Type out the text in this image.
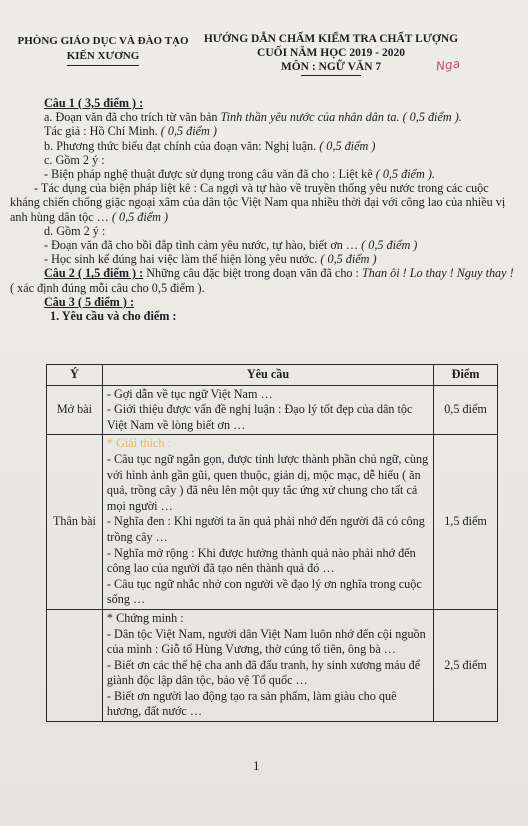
PHÒNG GIÁO DỤC VÀ ĐÀO TẠO
KIẾN XƯƠNG
HƯỚNG DẪN CHẤM KIỂM TRA CHẤT LƯỢNG
CUỐI NĂM HỌC 2019 - 2020
MÔN : NGỮ VĂN 7	Nga

Câu 1 ( 3,5 điểm ) :

a. Đoạn văn đã cho trích từ văn bản Tinh thần yêu nước của nhân dân ta. ( 0,5 điểm ).

Tác giả : Hồ Chí Minh. ( 0,5 điểm )

b. Phương thức biểu đạt chính của đoạn văn: Nghị luận. ( 0,5 điểm )

c. Gồm 2 ý :

- Biện pháp nghệ thuật được sử dụng trong câu văn đã cho : Liệt kê ( 0,5 điểm ).

- Tác dụng của biện pháp liệt kê : Ca ngợi và tự hào về truyền thống yêu nước trong các cuộc kháng chiến chống giặc ngoại xâm của dân tộc Việt Nam qua nhiều thời đại với công lao của nhiều vị anh hùng dân tộc … ( 0,5 điểm )

d. Gồm 2 ý :

- Đoạn văn đã cho bồi đắp tình cảm yêu nước, tự hào, biết ơn … ( 0,5 điểm )

- Học sinh kể đúng hai việc làm thể hiện lòng yêu nước. ( 0,5 điểm )

Câu 2 ( 1,5 điểm ) : Những câu đặc biệt trong đoạn văn đã cho : Than ôi ! Lo thay ! Nguy thay ! ( xác định đúng mỗi câu cho 0,5 điểm ).

Câu 3 ( 5 điểm ) :

1. Yêu cầu và cho điểm :

Ý	Yêu cầu	Điểm
Mở bài	- Gợi dẫn về tục ngữ Việt Nam …
- Giới thiệu được vấn đề nghị luận : Đạo lý tốt đẹp của dân tộc Việt Nam về lòng biết ơn …	0,5 điểm
Thân bài	* Giải thích :
- Câu tục ngữ ngắn gọn, được tỉnh lược thành phần chủ ngữ, cùng với hình ảnh gần gũi, quen thuộc, giản dị, mộc mạc, dễ hiểu ( ăn quả, trồng cây ) đã nêu lên một quy tắc ứng xử chung cho tất cả mọi người …
- Nghĩa đen : Khi người ta ăn quả phải nhớ đến người đã có công trồng cây …
- Nghĩa mở rộng : Khi được hưởng thành quả nào phải nhớ đến công lao của người đã tạo nên thành quả đó …
- Câu tục ngữ nhắc nhở con người về đạo lý ơn nghĩa trong cuộc sống …	1,5 điểm

	* Chứng minh :
- Dân tộc Việt Nam, người dân Việt Nam luôn nhớ đến cội nguồn của mình : Giỗ tổ Hùng Vương, thờ cúng tổ tiên, ông bà …
- Biết ơn các thế hệ cha anh đã đấu tranh, hy sinh xương máu để giành độc lập dân tộc, bảo vệ Tổ quốc …
- Biết ơn người lao động tạo ra sản phẩm, làm giàu cho quê hương, đất nước …	2,5 điểm
1
